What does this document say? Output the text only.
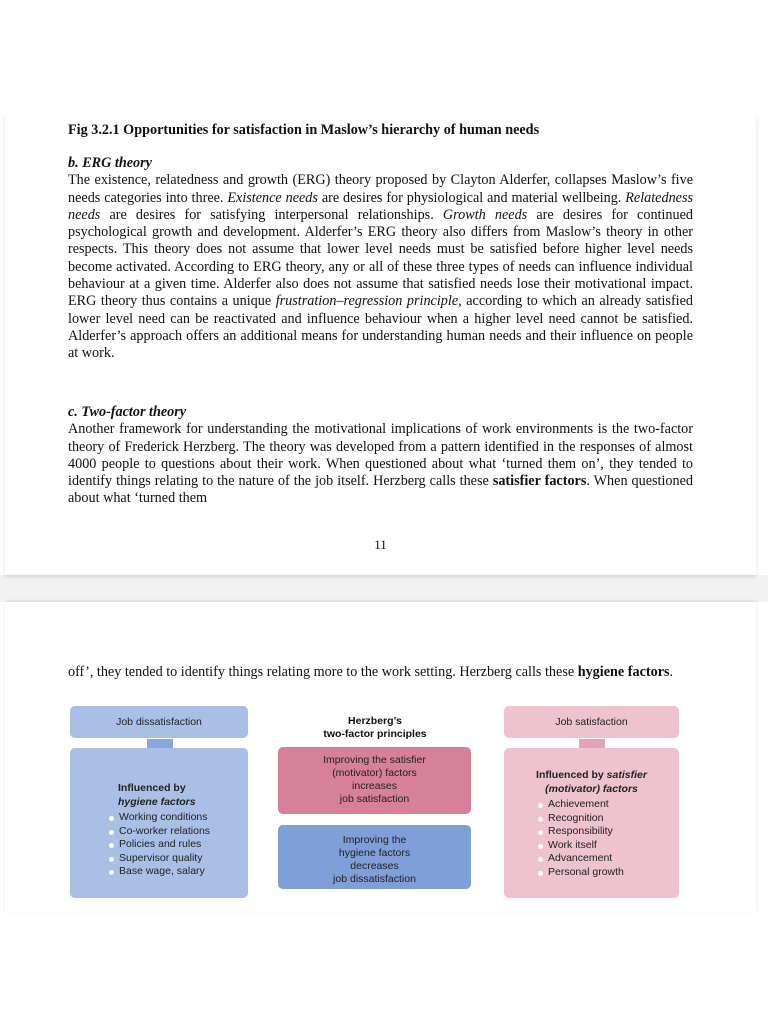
Fig 3.2.1 Opportunities for satisfaction in Maslow’s hierarchy of human needs

b. ERG theory

The existence, relatedness and growth (ERG) theory proposed by Clayton Alderfer, collapses Maslow’s five needs categories into three. Existence needs are desires for physiological and material wellbeing. Relatedness needs are desires for satisfying interpersonal relationships. Growth needs are desires for continued psychological growth and development. Alderfer’s ERG theory also differs from Maslow’s theory in other respects. This theory does not assume that lower level needs must be satisfied before higher level needs become activated. According to ERG theory, any or all of these three types of needs can influence individual behaviour at a given time. Alderfer also does not assume that satisfied needs lose their motivational impact. ERG theory thus contains a unique frustration–regression principle, according to which an already satisfied lower level need can be reactivated and influence behaviour when a higher level need cannot be satisfied. Alderfer’s approach offers an additional means for understanding human needs and their influence on people at work.

c. Two-factor theory

Another framework for understanding the motivational implications of work environments is the two-factor theory of Frederick Herzberg. The theory was developed from a pattern identified in the responses of almost 4000 people to questions about their work. When questioned about what ‘turned them on’, they tended to identify things relating to the nature of the job itself. Herzberg calls these satisfier factors. When questioned about what ‘turned them

11

off’, they tended to identify things relating more to the work setting. Herzberg calls these hygiene factors.

Job dissatisfaction
Influenced by
hygiene factors
Working conditions
Co-worker relations
Policies and rules
Supervisor quality
Base wage, salary
Herzberg’s
two-factor principles
Improving the satisfier
(motivator) factors
increases
job satisfaction
Improving the
hygiene factors
decreases
job dissatisfaction
Job satisfaction
Influenced by satisfier
(motivator) factors
Achievement
Recognition
Responsibility
Work itself
Advancement
Personal growth
